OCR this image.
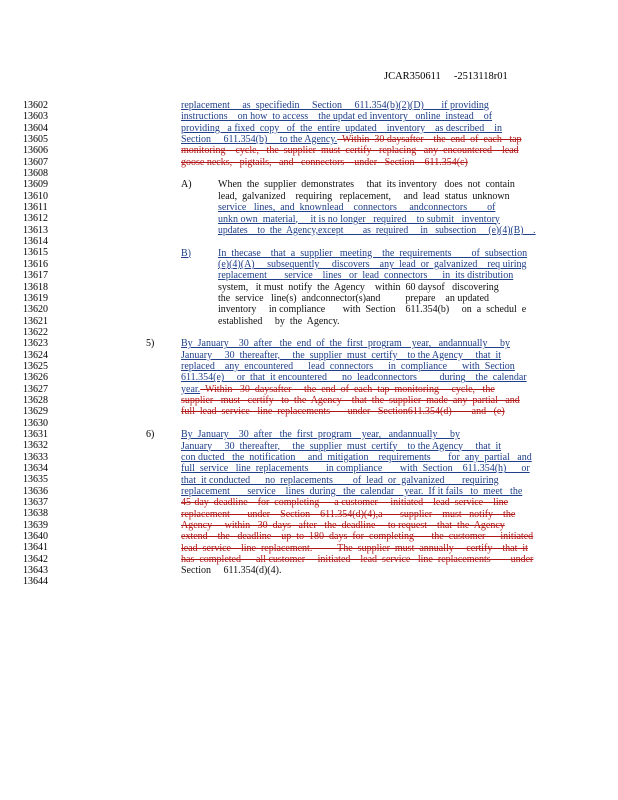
JCAR350611 -2513118r01
13602
13603
13604
13605
13606
13607
13608
13609
13610
13611
13612
13613
13614
13615
13616
13617
13618
13619
13620
13621
13622
13623
13624
13625
13626
13627
13628
13629
13630
13631
13632
13633
13634
13635
13636
13637
13638
13639
13640
13641
13642
13643
13644
replacement     as  specifiedin     Section     611.354(b)(2)(D)       if providing
instructions    on how  to access    the updat ed inventory   online  instead    of
providing   a fixed  copy   of  the  entire  updated    inventory    as described    in
Section     611.354(b)     to the Agency.  Within  30 daysafter    the  end  of  each   tap
monitoring    cycle,   the  supplier  must  certify   replacing   any  encountered    lead
goose necks,   pigtails,   and   connectors    under   Section    611.354(c)
A)	When  the  supplier  demonstrates     that  its inventory   does  not  contain
lead,  galvanized    requiring   replacement,     and  lead  status  unknown
service   lines,  and  knownlead    connectors     andconnectors        of
unkn own  material,     it is no longer   required    to submit   inventory
updates    to  the  Agency,except        as  required     in   subsection     (e)(4)(B)    .
B)	In  thecase    that  a  supplier   meeting    the  requirements        of  subsection
(e)(4)(A)     subsequently     discovers    any  lead  or  galvanized    req uiring
replacement       service    lines   or  lead  connectors      in  its distribution
system,   it must  notify  the  Agency    within  60 daysof   discovering
the  service   line(s)  andconnector(s)and          prepare    an updated
inventory     in compliance       with  Section    611.354(b)     on  a  schedul  e
established     by  the  Agency.
5)	By  January    30  after   the  end  of  the  first  program    year,   andannually     by
January     30  thereafter,     the  supplier  must  certify    to the Agency     that  it
replaced    any  encountered      lead  connectors      in  compliance      with  Section
611.354(e)     or  that  it encountered      no  leadconnectors         during    the  calendar
year.  Within   30  daysafter     the  end  of  each  tap  monitoring     cycle,   the
supplier   must   certify   to  the  Agency    that  the  supplier  made  any  partial   and
full  lead  service   line  replacements       under   Section611.354(d)        and   (e)
6)	By  January    30  after   the  first  program    year,   andannually     by
January     30  thereafter,     the  supplier  must  certify    to the Agency     that  it
con ducted   the  notification     and  mitigation    requirements       for  any  partial   and
full  service   line  replacements       in compliance       with  Section    611.354(h)      or
that  it conducted      no  replacements        of  lead  or  galvanized       requiring
replacement       service    lines  during   the  calendar    year.  If it fails   to  meet   the
45-day  deadline    for  completing      a customer     initiated    lead  service    line
replacement       under    Section    611.354(d)(4),a       supplier    must   notify    the
Agency     within   30  days   after   the  deadline     to request    that  the  Agency
extend    the   deadline    up  to  180  days  for  completing       the  customer      initiated
lead  service    line  replacement.          The  supplier  must  annually     certify    that  it
has  completed      all customer     initiated    lead  service   line  replacements        under
Section     611.354(d)(4).
